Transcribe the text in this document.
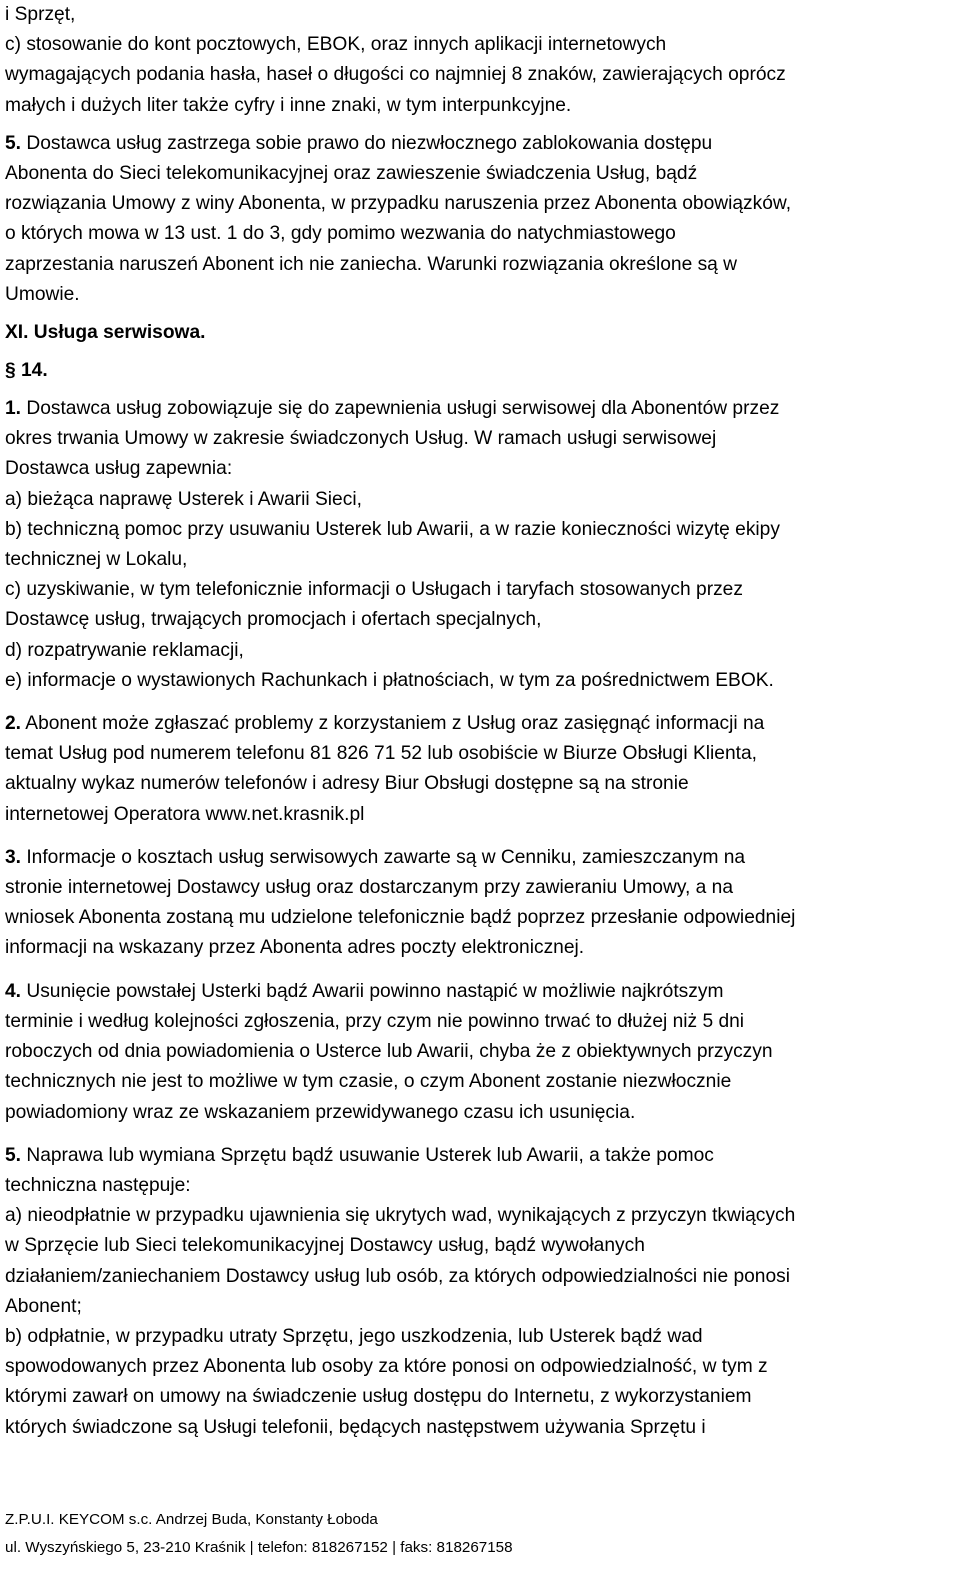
i Sprzęt,
c) stosowanie do kont pocztowych, EBOK, oraz innych aplikacji internetowych
wymagających podania hasła, haseł o długości co najmniej 8 znaków, zawierających oprócz
małych i dużych liter także cyfry i inne znaki, w tym interpunkcyjne.
5. Dostawca usług zastrzega sobie prawo do niezwłocznego zablokowania dostępu
Abonenta do Sieci telekomunikacyjnej oraz zawieszenie świadczenia Usług, bądź
rozwiązania Umowy z winy Abonenta, w przypadku naruszenia przez Abonenta obowiązków,
o których mowa w 13 ust. 1 do 3, gdy pomimo wezwania do natychmiastowego
zaprzestania naruszeń Abonent ich nie zaniecha. Warunki rozwiązania określone są w
Umowie.
XI. Usługa serwisowa.
§ 14.
1. Dostawca usług zobowiązuje się do zapewnienia usługi serwisowej dla Abonentów przez
okres trwania Umowy w zakresie świadczonych Usług. W ramach usługi serwisowej
Dostawca usług zapewnia:
a) bieżąca naprawę Usterek i Awarii Sieci,
b) techniczną pomoc przy usuwaniu Usterek lub Awarii, a w razie konieczności wizytę ekipy
technicznej w Lokalu,
c) uzyskiwanie, w tym telefonicznie informacji o Usługach i taryfach stosowanych przez
Dostawcę usług, trwających promocjach i ofertach specjalnych,
d) rozpatrywanie reklamacji,
e) informacje o wystawionych Rachunkach i płatnościach, w tym za pośrednictwem EBOK.
2. Abonent może zgłaszać problemy z korzystaniem z Usług oraz zasięgnąć informacji na
temat Usług pod numerem telefonu 81 826 71 52 lub osobiście w Biurze Obsługi Klienta,
aktualny wykaz numerów telefonów i adresy Biur Obsługi dostępne są na stronie
internetowej Operatora www.net.krasnik.pl
3. Informacje o kosztach usług serwisowych zawarte są w Cenniku, zamieszczanym na
stronie internetowej Dostawcy usług oraz dostarczanym przy zawieraniu Umowy, a na
wniosek Abonenta zostaną mu udzielone telefonicznie bądź poprzez przesłanie odpowiedniej
informacji na wskazany przez Abonenta adres poczty elektronicznej.
4. Usunięcie powstałej Usterki bądź Awarii powinno nastąpić w możliwie najkrótszym
terminie i według kolejności zgłoszenia, przy czym nie powinno trwać to dłużej niż 5 dni
roboczych od dnia powiadomienia o Usterce lub Awarii, chyba że z obiektywnych przyczyn
technicznych nie jest to możliwe w tym czasie, o czym Abonent zostanie niezwłocznie
powiadomiony wraz ze wskazaniem przewidywanego czasu ich usunięcia.
5. Naprawa lub wymiana Sprzętu bądź usuwanie Usterek lub Awarii, a także pomoc
techniczna następuje:
a) nieodpłatnie w przypadku ujawnienia się ukrytych wad, wynikających z przyczyn tkwiących
w Sprzęcie lub Sieci telekomunikacyjnej Dostawcy usług, bądź wywołanych
działaniem/zaniechaniem Dostawcy usług lub osób, za których odpowiedzialności nie ponosi
Abonent;
b) odpłatnie, w przypadku utraty Sprzętu, jego uszkodzenia, lub Usterek bądź wad
spowodowanych przez Abonenta lub osoby za które ponosi on odpowiedzialność, w tym z
którymi zawarł on umowy na świadczenie usług dostępu do Internetu, z wykorzystaniem
których świadczone są Usługi telefonii, będących następstwem używania Sprzętu i
Z.P.U.I. KEYCOM s.c. Andrzej Buda, Konstanty Łoboda
ul. Wyszyńskiego 5, 23-210 Kraśnik | telefon: 818267152 | faks: 818267158
